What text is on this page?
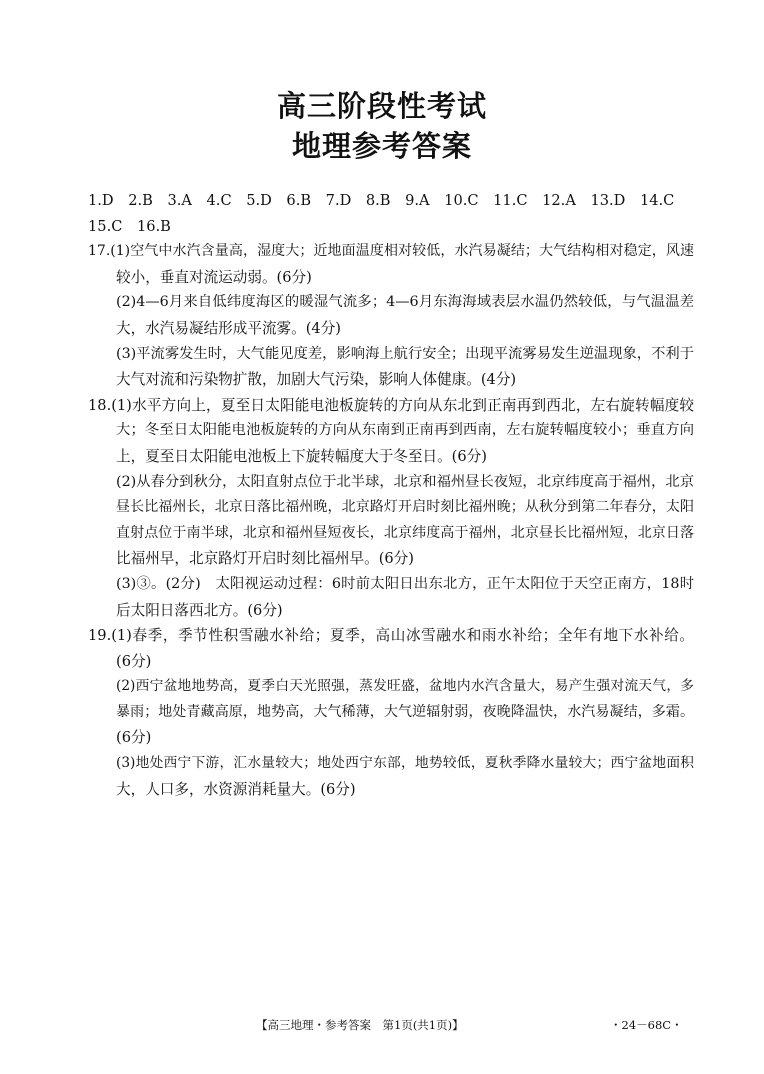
高三阶段性考试
地理参考答案
1.D　2.B　3.A　4.C　5.D　6.B　7.D　8.B　9.A　10.C　11.C　12.A　13.D　14.C
15.C　16.B
17.(1)空气中水汽含量高，湿度大；近地面温度相对较低，水汽易凝结；大气结构相对稳定，风速
较小，垂直对流运动弱。(6分)
(2)4—6月来自低纬度海区的暖湿气流多；4—6月东海海域表层水温仍然较低，与气温温差
大，水汽易凝结形成平流雾。(4分)
(3)平流雾发生时，大气能见度差，影响海上航行安全；出现平流雾易发生逆温现象，不利于
大气对流和污染物扩散，加剧大气污染，影响人体健康。(4分)
18.(1)水平方向上，夏至日太阳能电池板旋转的方向从东北到正南再到西北，左右旋转幅度较
大；冬至日太阳能电池板旋转的方向从东南到正南再到西南，左右旋转幅度较小；垂直方向
上，夏至日太阳能电池板上下旋转幅度大于冬至日。(6分)
(2)从春分到秋分，太阳直射点位于北半球，北京和福州昼长夜短，北京纬度高于福州，北京
昼长比福州长，北京日落比福州晚，北京路灯开启时刻比福州晚；从秋分到第二年春分，太阳
直射点位于南半球，北京和福州昼短夜长，北京纬度高于福州，北京昼长比福州短，北京日落
比福州早，北京路灯开启时刻比福州早。(6分)
(3)③。(2分)　太阳视运动过程：6时前太阳日出东北方，正午太阳位于天空正南方，18时
后太阳日落西北方。(6分)
19.(1)春季，季节性积雪融水补给；夏季，高山冰雪融水和雨水补给；全年有地下水补给。
(6分)
(2)西宁盆地地势高，夏季白天光照强，蒸发旺盛，盆地内水汽含量大，易产生强对流天气，多
暴雨；地处青藏高原，地势高，大气稀薄，大气逆辐射弱，夜晚降温快，水汽易凝结，多霜。
(6分)
(3)地处西宁下游，汇水量较大；地处西宁东部，地势较低，夏秋季降水量较大；西宁盆地面积
大，人口多，水资源消耗量大。(6分)
【高三地理・参考答案　第1页(共1页)】	・24－68C・
